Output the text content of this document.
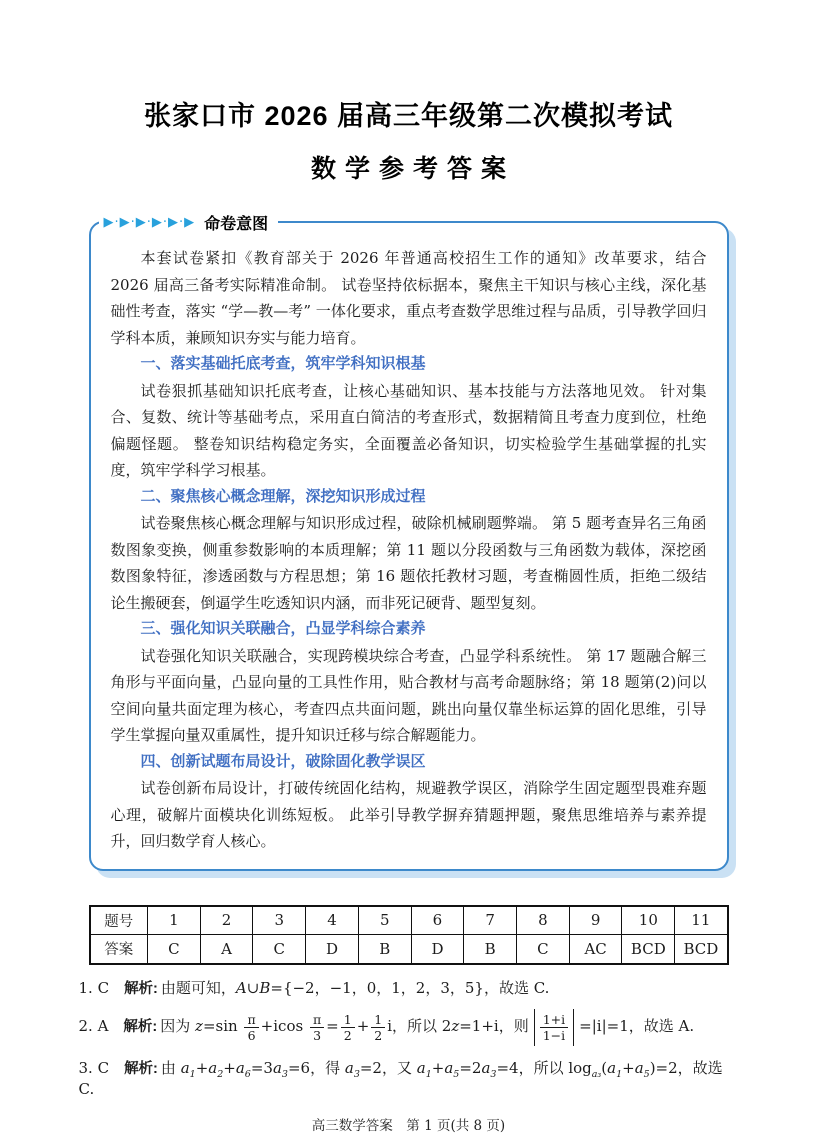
张家口市 2026 届高三年级第二次模拟考试
数学参考答案
▶·▶·▶·▶·▶·▶ 命卷意图

本套试卷紧扣《教育部关于 2026 年普通高校招生工作的通知》改革要求，结合 2026 届高三备考实际精准命制。 试卷坚持依标据本，聚焦主干知识与核心主线，深化基础性考查，落实 “学—教—考” 一体化要求，重点考查数学思维过程与品质，引导教学回归学科本质，兼顾知识夯实与能力培育。

一、落实基础托底考查，筑牢学科知识根基

试卷狠抓基础知识托底考查，让核心基础知识、基本技能与方法落地见效。 针对集合、复数、统计等基础考点，采用直白简洁的考查形式，数据精简且考查力度到位，杜绝偏题怪题。 整卷知识结构稳定务实，全面覆盖必备知识，切实检验学生基础掌握的扎实度，筑牢学科学习根基。

二、聚焦核心概念理解，深挖知识形成过程

试卷聚焦核心概念理解与知识形成过程，破除机械刷题弊端。 第 5 题考查异名三角函数图象变换，侧重参数影响的本质理解；第 11 题以分段函数与三角函数为载体，深挖函数图象特征，渗透函数与方程思想；第 16 题依托教材习题，考查椭圆性质，拒绝二级结论生搬硬套，倒逼学生吃透知识内涵，而非死记硬背、题型复刻。

三、强化知识关联融合，凸显学科综合素养

试卷强化知识关联融合，实现跨模块综合考查，凸显学科系统性。 第 17 题融合解三角形与平面向量，凸显向量的工具性作用，贴合教材与高考命题脉络；第 18 题第(2)问以空间向量共面定理为核心，考查四点共面问题，跳出向量仅靠坐标运算的固化思维，引导学生掌握向量双重属性，提升知识迁移与综合解题能力。

四、创新试题布局设计，破除固化教学误区

试卷创新布局设计，打破传统固化结构，规避教学误区，消除学生固定题型畏难弃题心理，破解片面模块化训练短板。 此举引导教学摒弃猜题押题，聚焦思维培养与素养提升，回归数学育人核心。

题号	1	2	3	4	5	6	7	8	9	10	11
答案	C	A	C	D	B	D	B	C	AC	BCD	BCD
1. C 解析: 由题可知，A∪B={−2，−1，0，1，2，3，5}，故选 C.
2. A 解析: 因为 $z=\sin \frac{\pi}{6} +icos \frac{\pi}{3} = \frac{1}{2} + \frac{1}{2}$ i，所以 2z=1+i，则 $\frac{1+i}{1-i} =|i|=1$，故选 A.
3. C 解析: 由 $a_1+a_2+a_6=3a_3=6$，得 $a_3=2$，又 $a_1+a_5=2a_3=4$，所以 $\log_{a_3}(a_1+a_5)=2$，故选 C.
高三数学答案　第 1 页(共 8 页)
